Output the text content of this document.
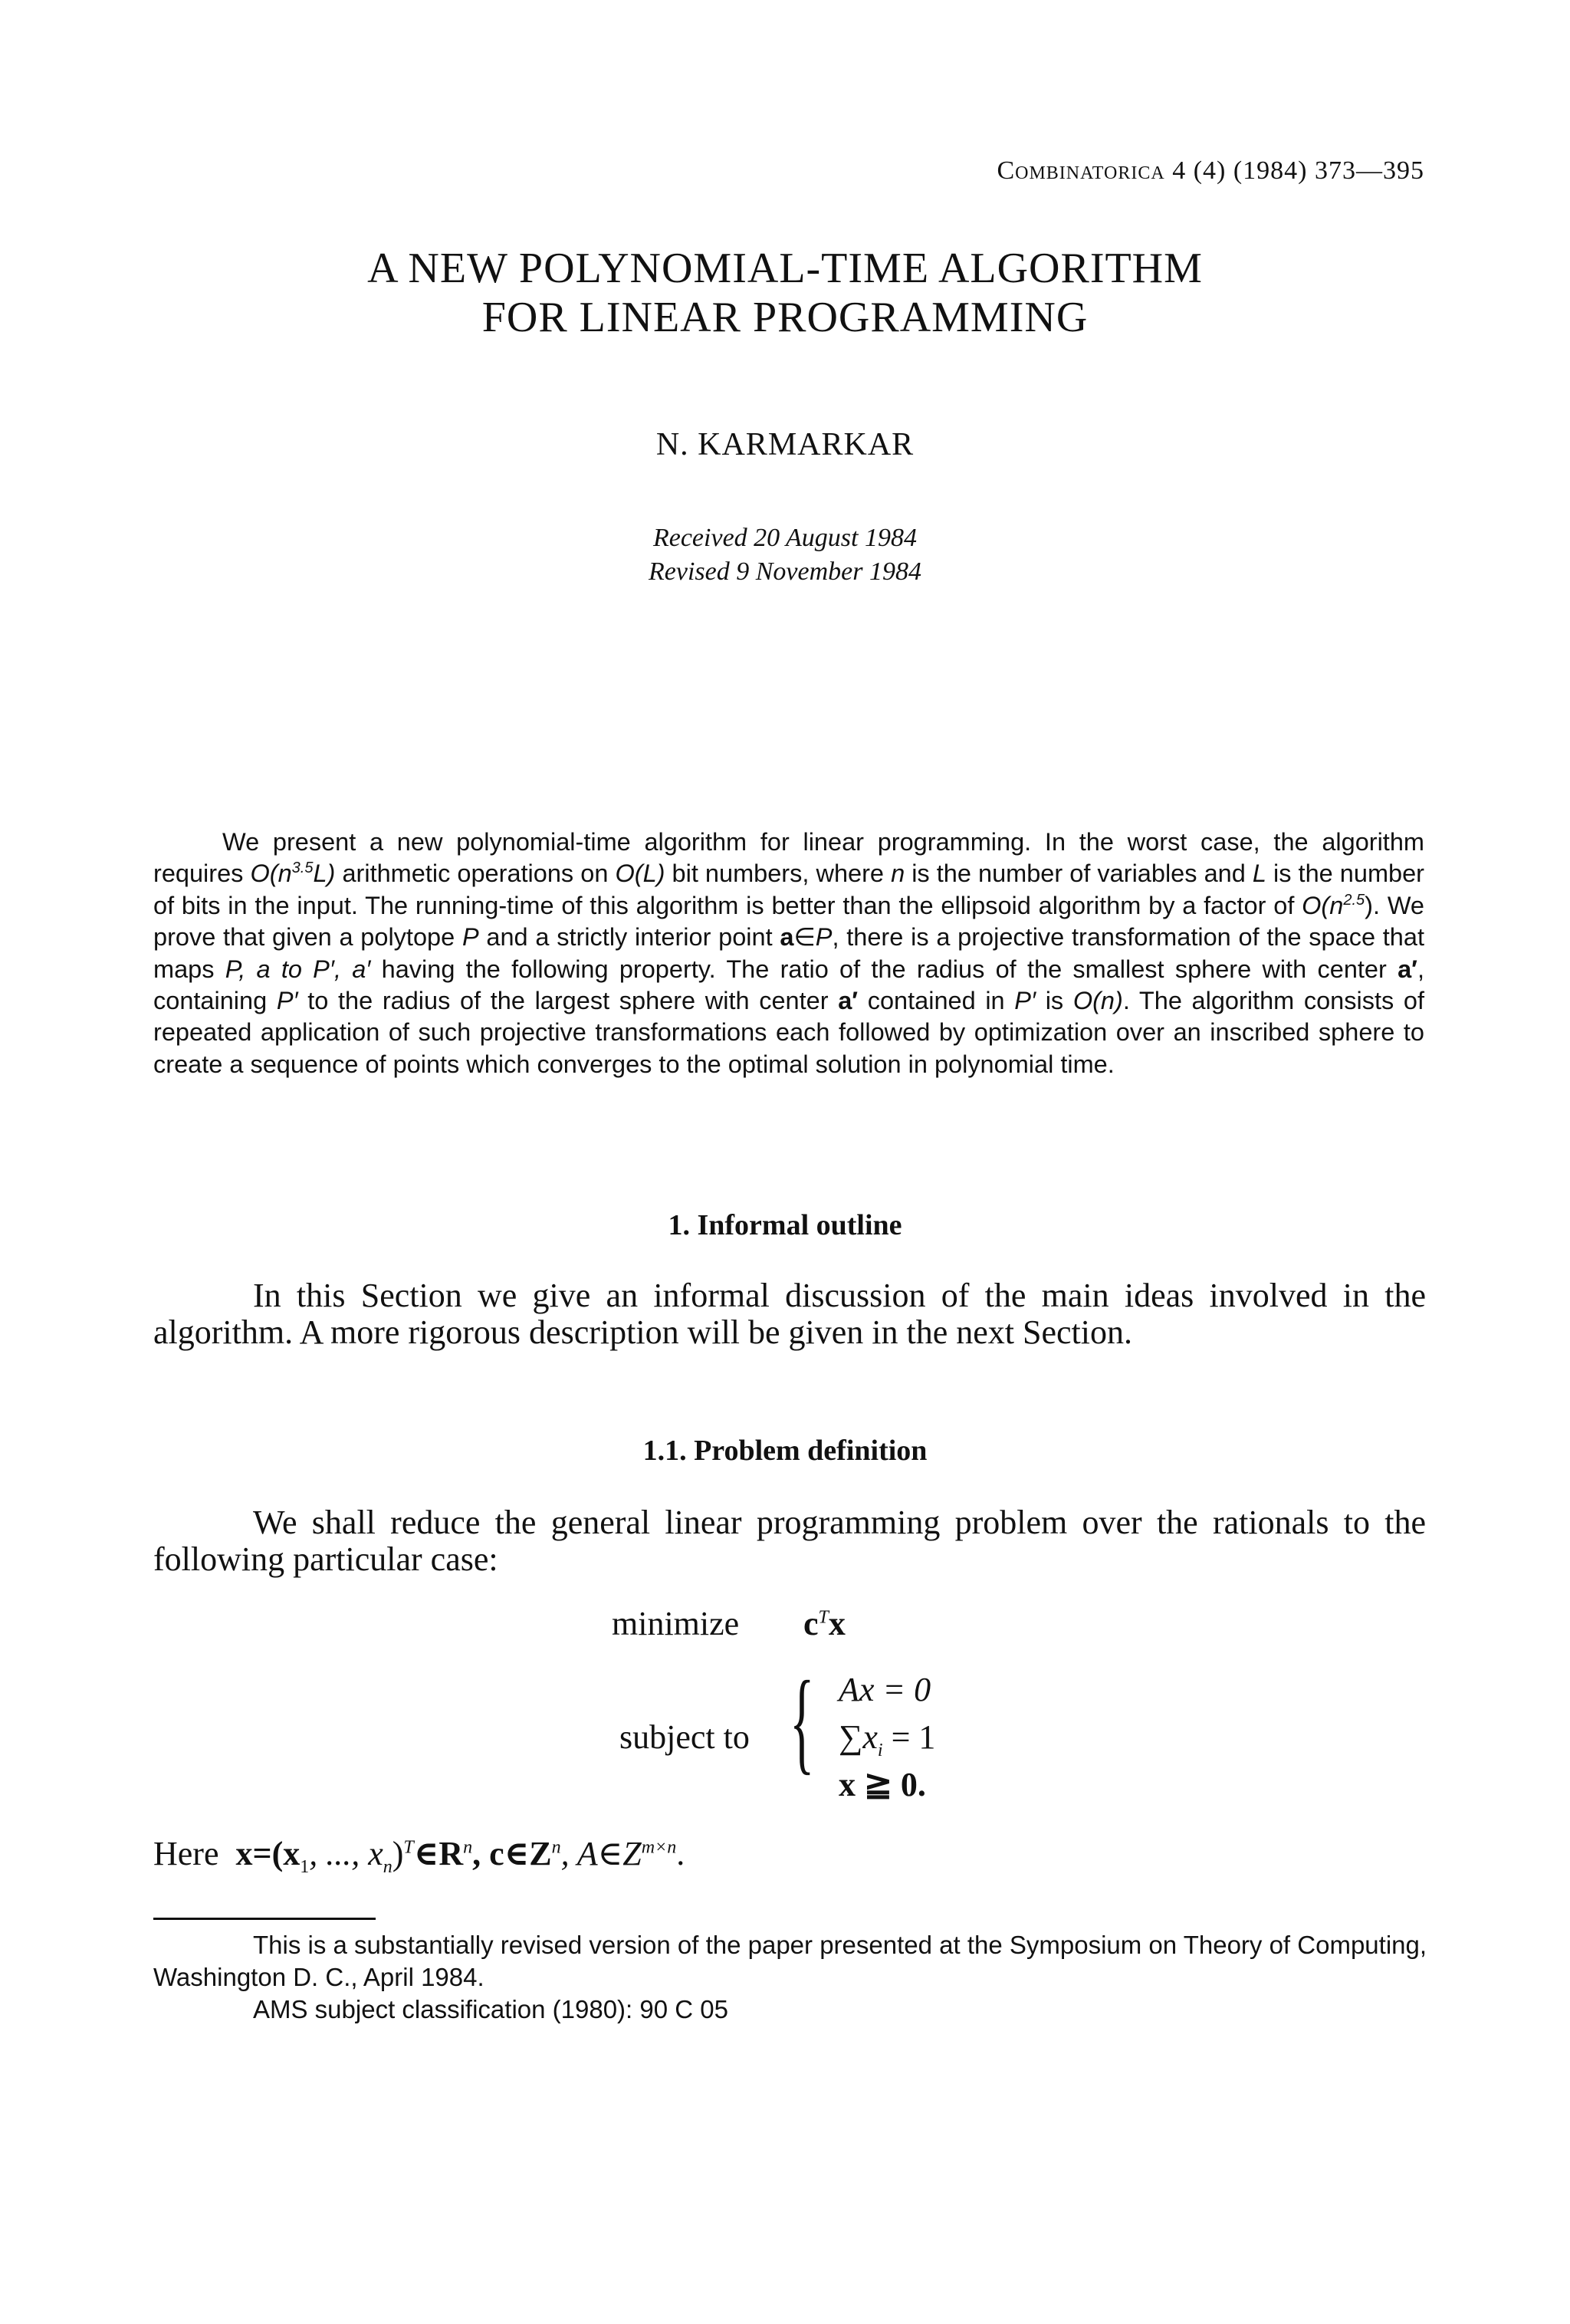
Combinatorica 4 (4) (1984) 373—395
A NEW POLYNOMIAL-TIME ALGORITHM
FOR LINEAR PROGRAMMING
N. KARMARKAR
Received 20 August 1984
Revised 9 November 1984

We present a new polynomial-time algorithm for linear programming. In the worst case, the algorithm requires $O(n^{3.5}L)$ arithmetic operations on O(L) bit numbers, where n is the number of variables and L is the number of bits in the input. The running-time of this algorithm is better than the ellipsoid algorithm by a factor of $O(n^{2.5})$. We prove that given a polytope P and a strictly interior point a∈P, there is a projective transformation of the space that maps P, a to P′, a′ having the following property. The ratio of the radius of the smallest sphere with center a′, containing P′ to the radius of the largest sphere with center a′ contained in P′ is O(n). The algorithm consists of repeated application of such projective transformations each followed by optimization over an inscribed sphere to create a sequence of points which converges to the optimal solution in polynomial time.

1. Informal outline

In this Section we give an informal discussion of the main ideas involved in the algorithm. A more rigorous description will be given in the next Section.

1.1. Problem definition

We shall reduce the general linear programming problem over the rationals to the following particular case:

minimize $c^Tx$
subject to { Ax = 0
$\sum x_i = 1$
x ≧ 0.
Here $x=(x_1$, ..., $x_n)^T\in R^n$, $c\in Z^n$, $A\in Z^{m\times n}$.

This is a substantially revised version of the paper presented at the Symposium on Theory of Computing, Washington D. C., April 1984.

AMS subject classification (1980): 90 C 05
